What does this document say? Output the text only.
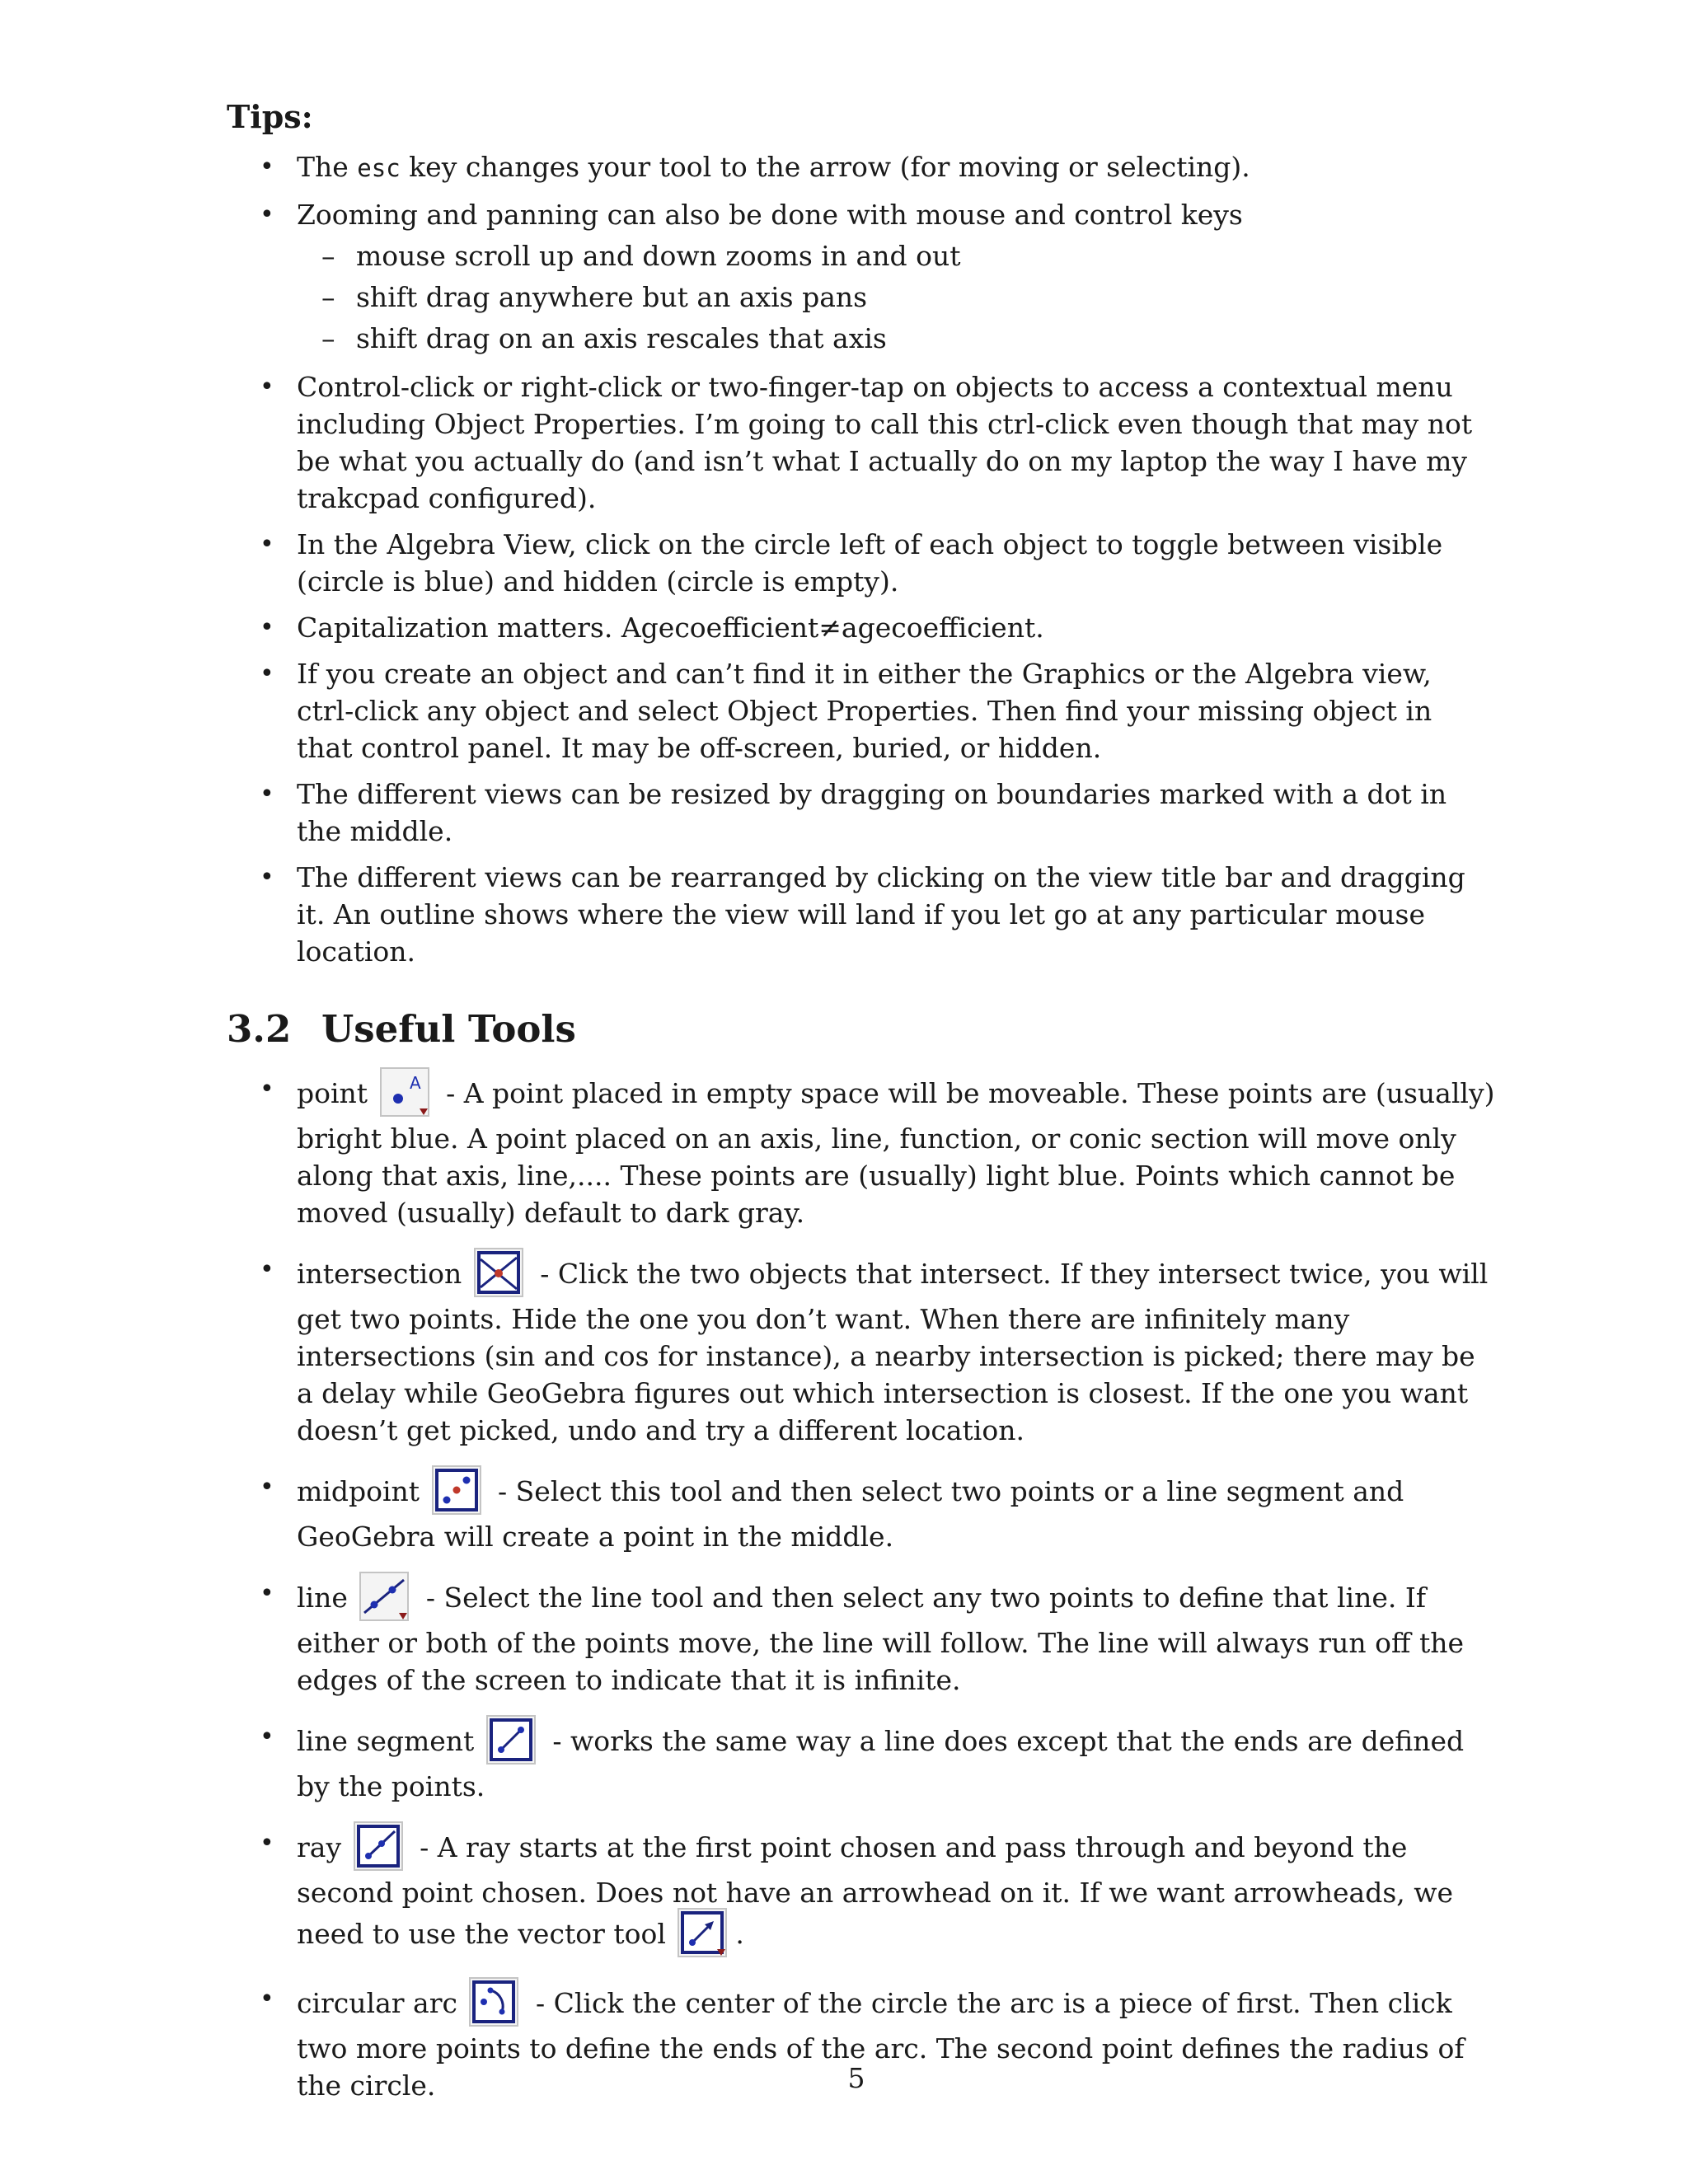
Tips:
• The esc key changes your tool to the arrow (for moving or selecting).
• Zooming and panning can also be done with mouse and control keys
– mouse scroll up and down zooms in and out
– shift drag anywhere but an axis pans
– shift drag on an axis rescales that axis
• Control-click or right-click or two-finger-tap on objects to access a contextual menu including Object Properties. I’m going to call this ctrl-click even though that may not be what you actually do (and isn’t what I actually do on my laptop the way I have my trakcpad configured).
• In the Algebra View, click on the circle left of each object to toggle between visible (circle is blue) and hidden (circle is empty).
• Capitalization matters. Agecoefficient≠agecoefficient.
• If you create an object and can’t find it in either the Graphics or the Algebra view, ctrl-click any object and select Object Properties. Then find your missing object in that control panel. It may be off-screen, buried, or hidden.
• The different views can be resized by dragging on boundaries marked with a dot in the middle.
• The different views can be rearranged by clicking on the view title bar and dragging it. An outline shows where the view will land if you let go at any particular mouse location.
3.2 Useful Tools
• point	A - A point placed in empty space will be moveable. These points are (usually) bright blue. A point placed on an axis, line, function, or conic section will move only along that axis, line,.... These points are (usually) light blue. Points which cannot be moved (usually) default to dark gray.
• intersection	- Click the two objects that intersect. If they intersect twice, you will get two points. Hide the one you don’t want. When there are infinitely many intersections (sin and cos for instance), a nearby intersection is picked; there may be a delay while GeoGebra figures out which intersection is closest. If the one you want doesn’t get picked, undo and try a different location.
• midpoint	- Select this tool and then select two points or a line segment and GeoGebra will create a point in the middle.
• line	- Select the line tool and then select any two points to define that line. If either or both of the points move, the line will follow. The line will always run off the edges of the screen to indicate that it is infinite.
• line segment	- works the same way a line does except that the ends are defined by the points.
• ray	- A ray starts at the first point chosen and pass through and beyond the second point chosen. Does not have an arrowhead on it. If we want arrowheads, we need to use the vector tool	.
• circular arc	- Click the center of the circle the arc is a piece of first. Then click two more points to define the ends of the arc. The second point defines the radius of the circle.	5
